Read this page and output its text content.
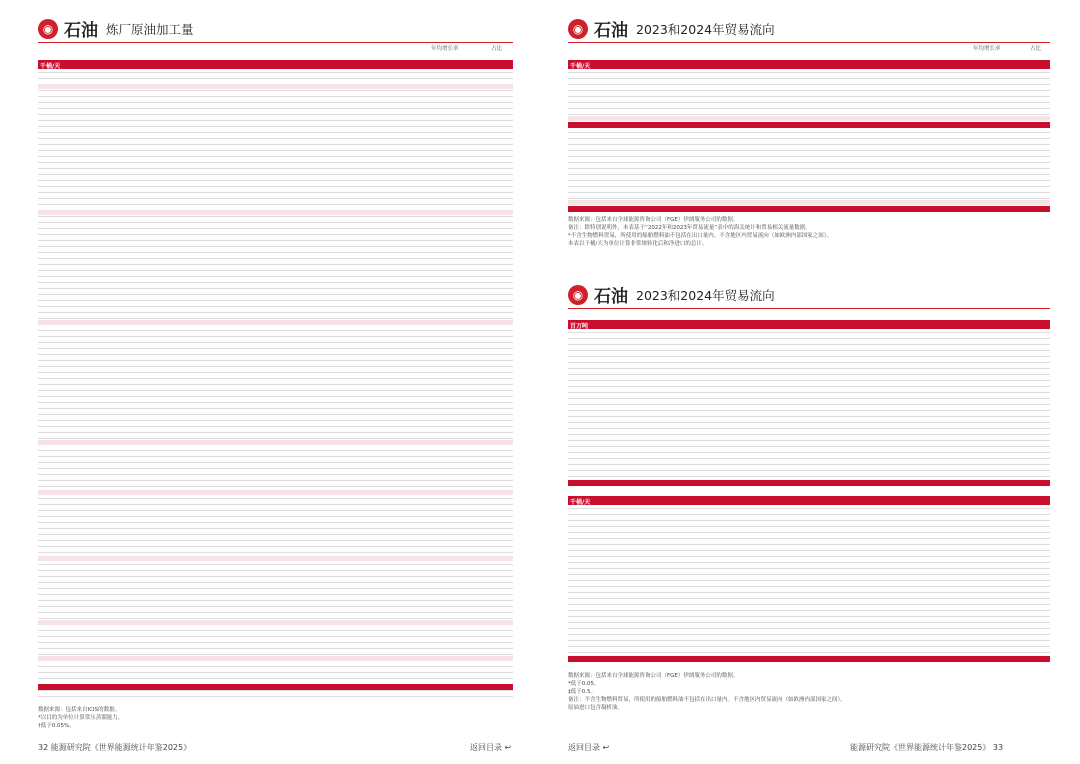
◉ 石油 炼厂原油加工量
年均增长率	占比
千桶/天
数据来源：包括来自ICIS的数据。
*以目的为单位计算常压蒸馏能力。
†低于0.05%。
32 能源研究院《世界能源统计年鉴2025》	返回目录 ↩
◉ 石油 2023和2024年贸易流向
年均增长率	占比
千桶/天
数据来源：包括来自全球能源咨询公司（FGE）伊朗服务公司的数据。
备注：除特别说明外，本表基于“2022年和2023年贸易流量”表中的海关统计和贸易相关流量数据。
*不含生物燃料贸易，所使用的船舶燃料油不包括在出口量内。不含地区内贸易流向（如欧洲内部国家之间）。
本表以千桶/天为单位计算非常规转化后和净进口的总计。
◉ 石油 2023和2024年贸易流向
百万吨
千桶/天
数据来源：包括来自全球能源咨询公司（FGE）伊朗服务公司的数据。
*低于0.05。
‡低于0.5。
备注：不含生物燃料贸易，所使用的船舶燃料油不包括在出口量内。不含地区内贸易流向（如欧洲内部国家之间）。
原油进口包含凝析油。
返回目录 ↩	能源研究院《世界能源统计年鉴2025》 33
